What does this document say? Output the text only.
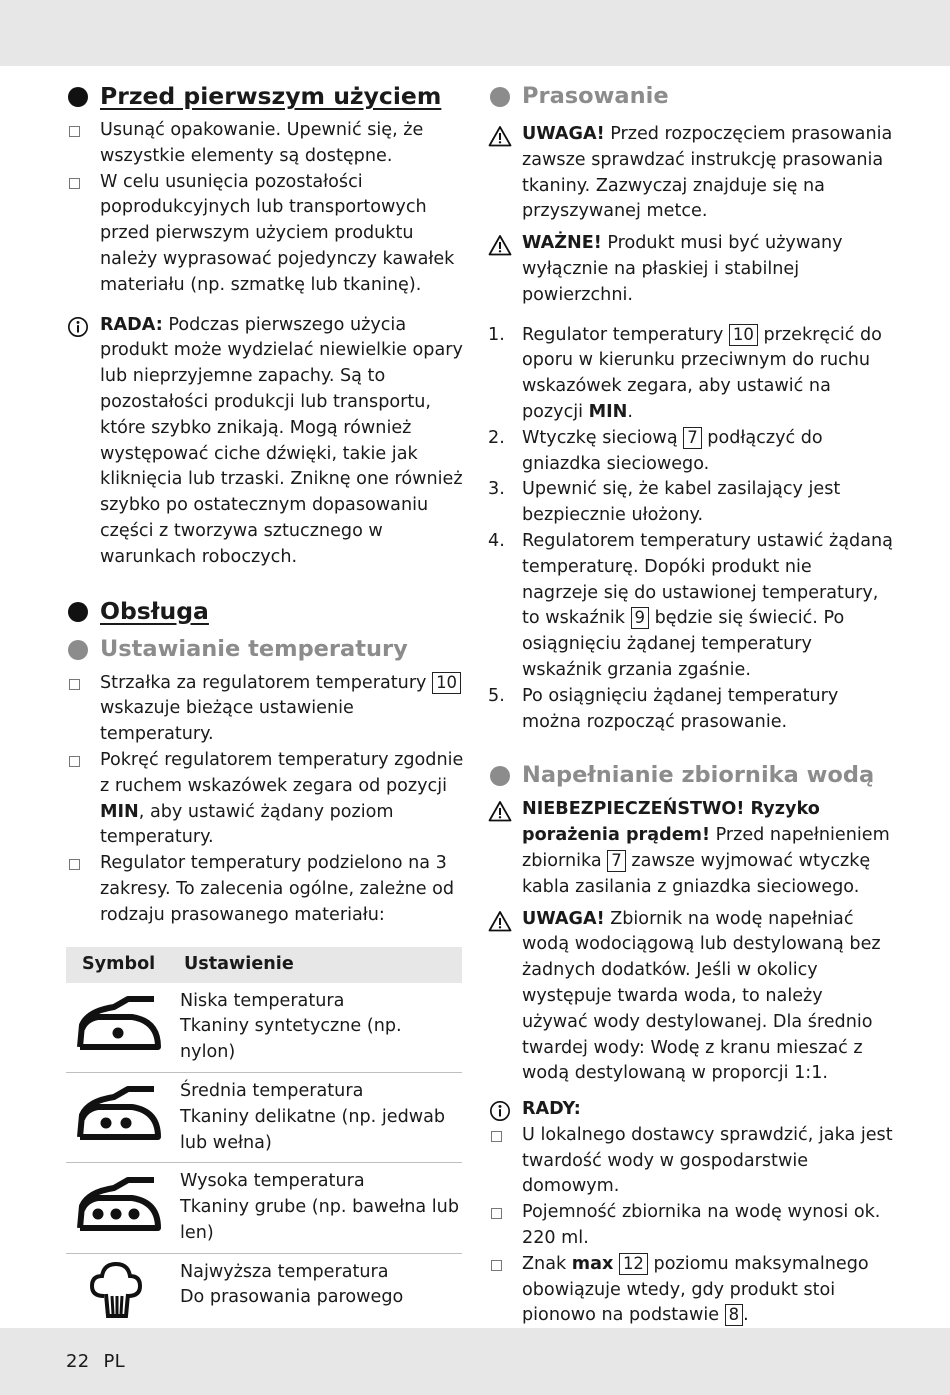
Przed pierwszym użyciem
Usunąć opakowanie. Upewnić się, że wszystkie elementy są dostępne.
W celu usunięcia pozostałości poprodukcyjnych lub transportowych przed pierwszym użyciem produktu należy wyprasować pojedynczy kawałek materiału (np. szmatkę lub tkaninę).
RADA: Podczas pierwszego użycia produkt może wydzielać niewielkie opary lub nieprzyjemne zapachy. Są to pozostałości produkcji lub transportu, które szybko znikają. Mogą również występować ciche dźwięki, takie jak kliknięcia lub trzaski. Zniknę one również szybko po ostatecznym dopasowaniu części z tworzywa sztucznego w warunkach roboczych.
Obsługa
Ustawianie temperatury
Strzałka za regulatorem temperatury 10 wskazuje bieżące ustawienie temperatury.
Pokręć regulatorem temperatury zgodnie z ruchem wskazówek zegara od pozycji MIN, aby ustawić żądany poziom temperatury.
Regulator temperatury podzielono na 3 zakresy. To zalecenia ogólne, zależne od rodzaju prasowanego materiału:
Symbol	Ustawienie

Niska temperatura
Tkaniny syntetyczne (np. nylon)

Średnia temperatura
Tkaniny delikatne (np. jedwab lub wełna)

Wysoka temperatura
Tkaniny grube (np. bawełna lub len)

Najwyższa temperatura
Do prasowania parowego
Prasowanie
UWAGA! Przed rozpoczęciem prasowania zawsze sprawdzać instrukcję prasowania tkaniny. Zazwyczaj znajduje się na przyszywanej metce.
WAŻNE! Produkt musi być używany wyłącznie na płaskiej i stabilnej powierzchni.
1. Regulator temperatury 10 przekręcić do oporu w kierunku przeciwnym do ruchu wskazówek zegara, aby ustawić na pozycji MIN.
2. Wtyczkę sieciową 7 podłączyć do gniazdka sieciowego.
3. Upewnić się, że kabel zasilający jest bezpiecznie ułożony.
4. Regulatorem temperatury ustawić żądaną temperaturę. Dopóki produkt nie nagrzeje się do ustawionej temperatury, to wskaźnik 9 będzie się świecić. Po osiągnięciu żądanej temperatury wskaźnik grzania zgaśnie.
5. Po osiągnięciu żądanej temperatury można rozpocząć prasowanie.
Napełnianie zbiornika wodą
NIEBEZPIECZEŃSTWO! Ryzyko porażenia prądem! Przed napełnieniem zbiornika 7 zawsze wyjmować wtyczkę kabla zasilania z gniazdka sieciowego.
UWAGA! Zbiornik na wodę napełniać wodą wodociągową lub destylowaną bez żadnych dodatków. Jeśli w okolicy występuje twarda woda, to należy używać wody destylowanej. Dla średnio twardej wody: Wodę z kranu mieszać z wodą destylowaną w proporcji 1:1.
RADY:
U lokalnego dostawcy sprawdzić, jaka jest twardość wody w gospodarstwie domowym.
Pojemność zbiornika na wodę wynosi ok. 220 ml.
Znak max 12 poziomu maksymalnego obowiązuje wtedy, gdy produkt stoi pionowo na podstawie 8 .
22 PL
